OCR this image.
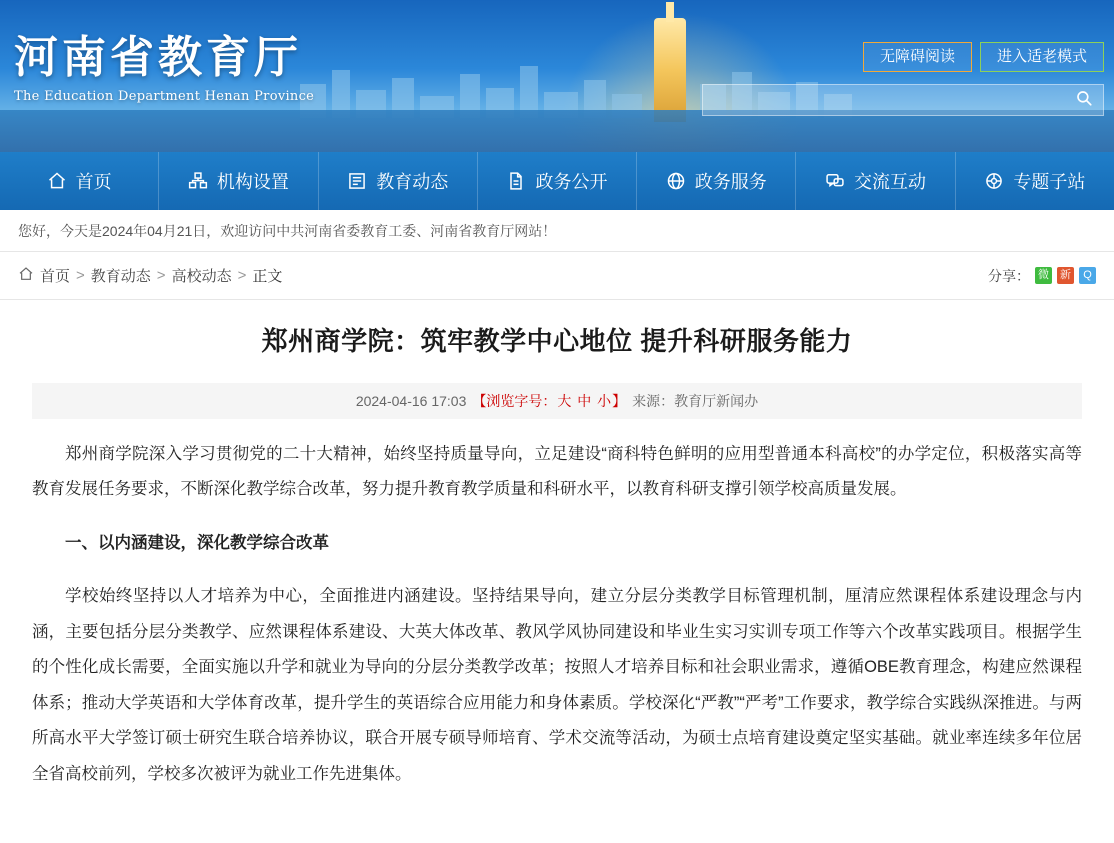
河南省教育厅
The Education Department Henan Province
无障碍阅读	进入适老模式
首页	机构设置	教育动态	政务公开	政务服务	交流互动	专题子站
您好，今天是2024年04月21日，欢迎访问中共河南省委教育工委、河南省教育厅网站！
首页 > 教育动态 > 高校动态 > 正文	分享： 微 新	Q
郑州商学院：筑牢教学中心地位 提升科研服务能力
2024-04-16 17:03 【浏览字号：大 中 小】 来源：教育厅新闻办

郑州商学院深入学习贯彻党的二十大精神，始终坚持质量导向，立足建设“商科特色鲜明的应用型普通本科高校”的办学定位，积极落实高等教育发展任务要求，不断深化教学综合改革，努力提升教育教学质量和科研水平，以教育科研支撑引领学校高质量发展。

一、以内涵建设，深化教学综合改革

学校始终坚持以人才培养为中心，全面推进内涵建设。坚持结果导向，建立分层分类教学目标管理机制，厘清应然课程体系建设理念与内涵，主要包括分层分类教学、应然课程体系建设、大英大体改革、教风学风协同建设和毕业生实习实训专项工作等六个改革实践项目。根据学生的个性化成长需要，全面实施以升学和就业为导向的分层分类教学改革；按照人才培养目标和社会职业需求，遵循OBE教育理念，构建应然课程体系；推动大学英语和大学体育改革，提升学生的英语综合应用能力和身体素质。学校深化“严教”“严考”工作要求，教学综合实践纵深推进。与两所高水平大学签订硕士研究生联合培养协议，联合开展专硕导师培育、学术交流等活动，为硕士点培育建设奠定坚实基础。就业率连续多年位居全省高校前列，学校多次被评为就业工作先进集体。
